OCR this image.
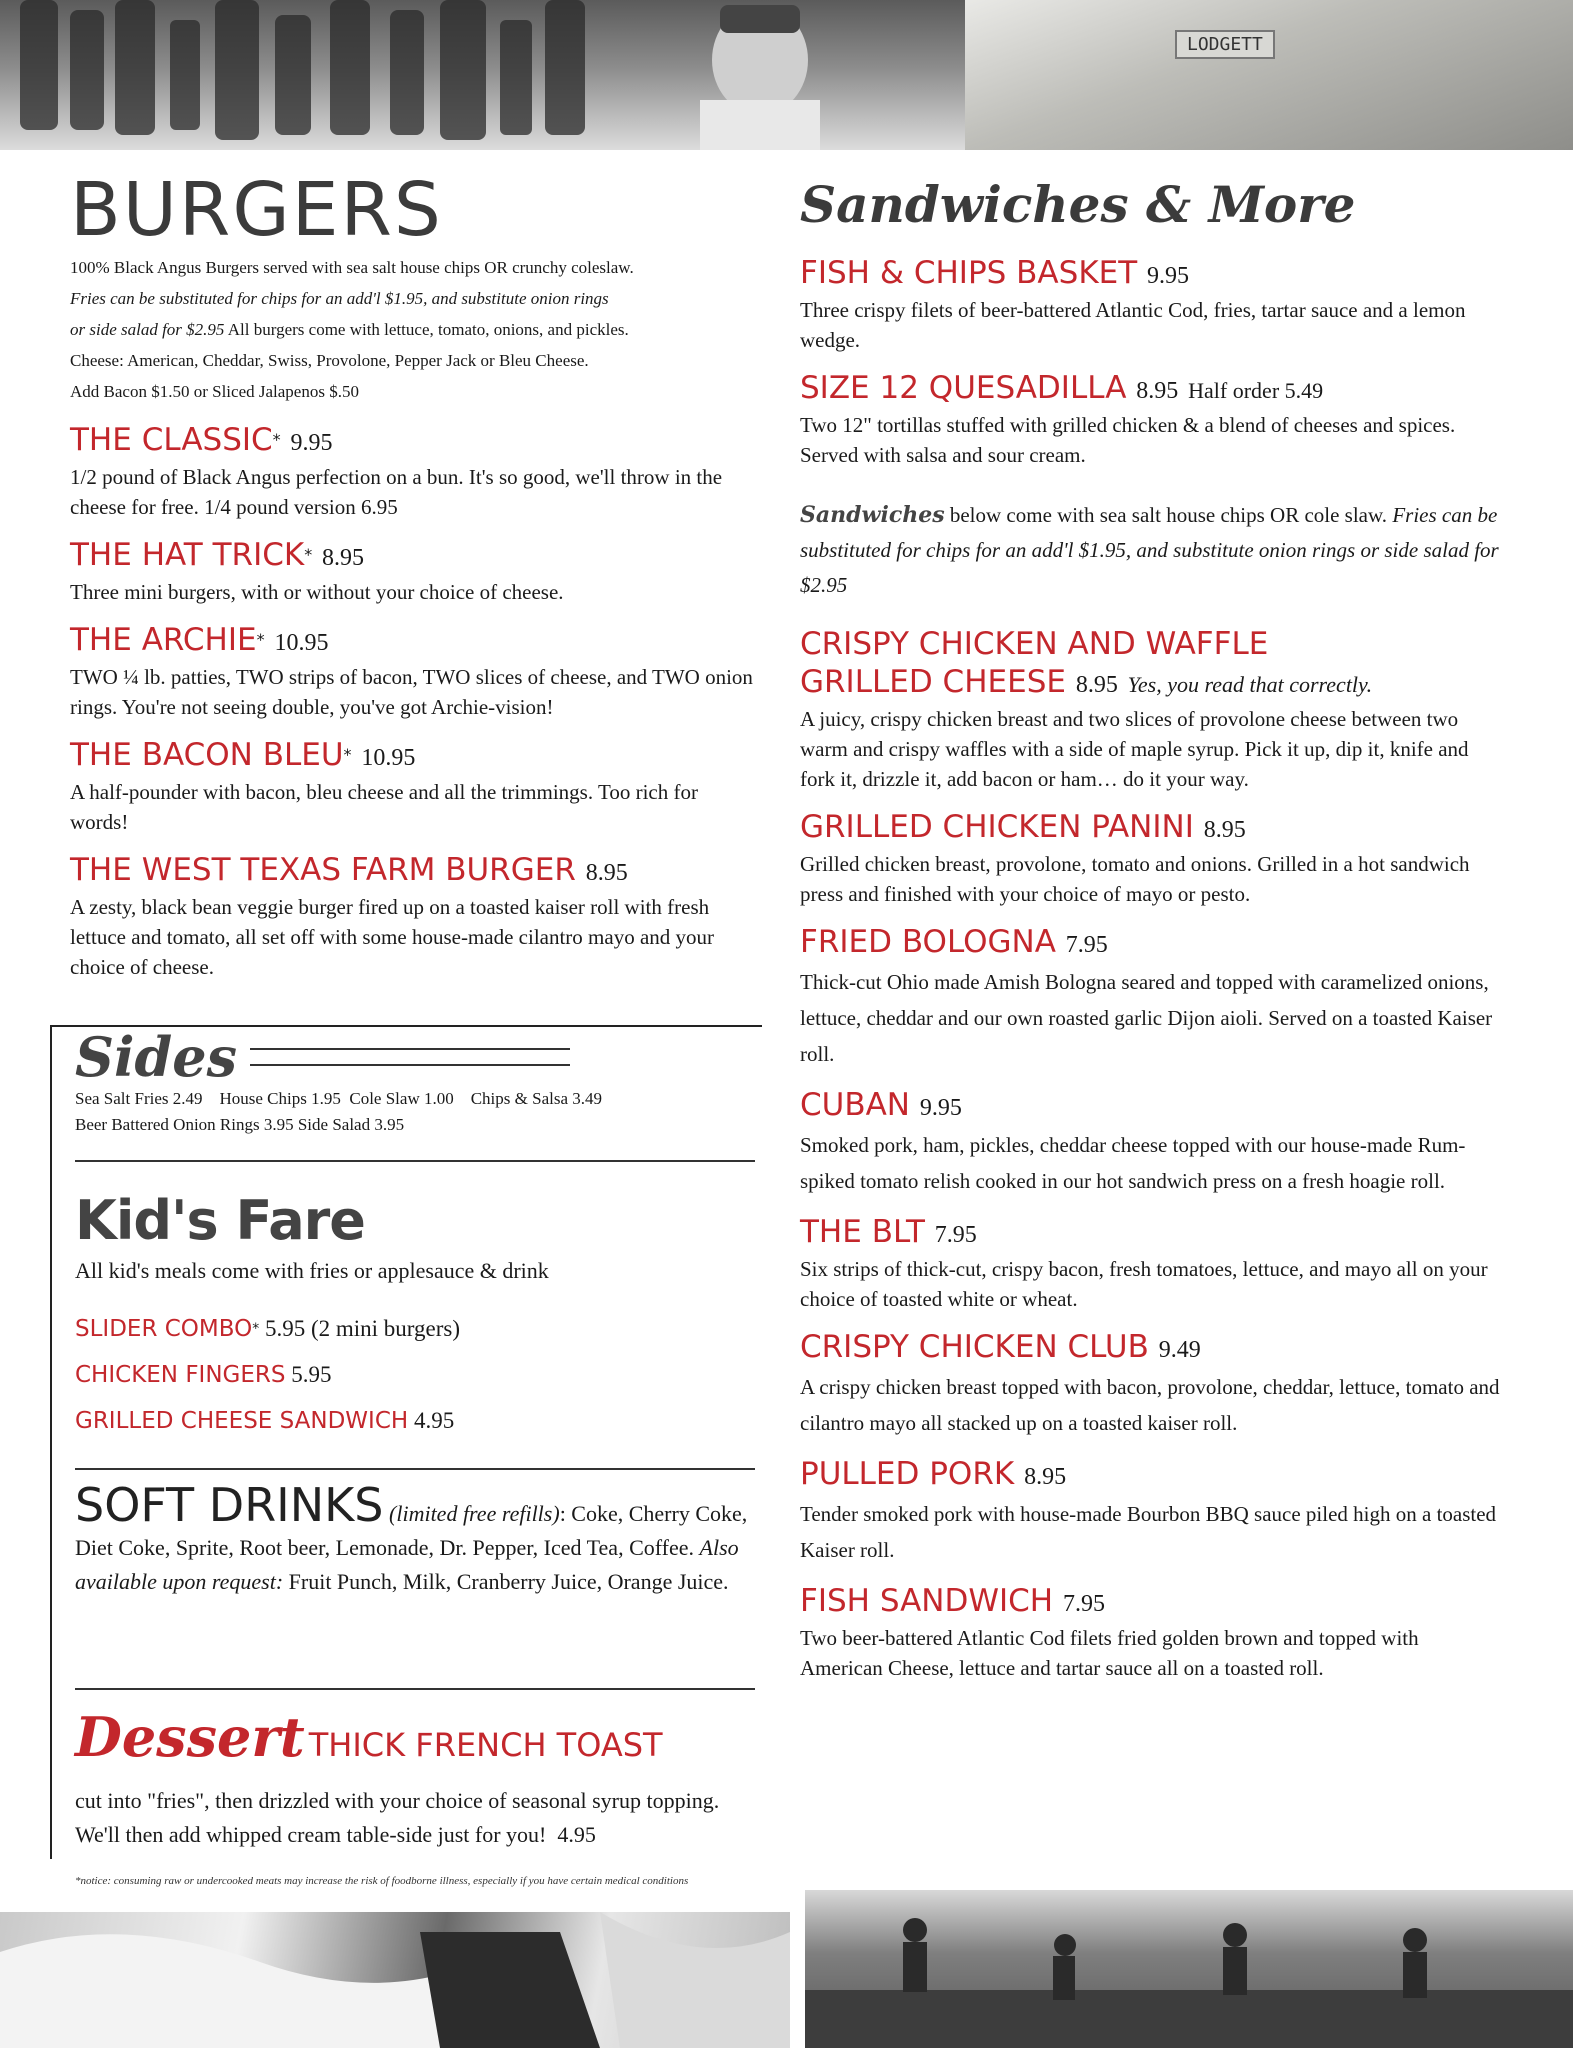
LODGETT
BURGERS

100% Black Angus Burgers served with sea salt house chips OR crunchy coleslaw.

Fries can be substituted for chips for an add'l $1.95, and substitute onion rings

or side salad for $2.95 All burgers come with lettuce, tomato, onions, and pickles.

Cheese: American, Cheddar, Swiss, Provolone, Pepper Jack or Bleu Cheese.

Add Bacon $1.50 or Sliced Jalapenos $.50

THE CLASSIC* 9.95

1/2 pound of Black Angus perfection on a bun. It's so good, we'll throw in the cheese for free. 1/4 pound version 6.95

THE HAT TRICK* 8.95

Three mini burgers, with or without your choice of cheese.

THE ARCHIE* 10.95

TWO ¼ lb. patties, TWO strips of bacon, TWO slices of cheese, and TWO onion rings. You're not seeing double, you've got Archie-vision!

THE BACON BLEU* 10.95

A half-pounder with bacon, bleu cheese and all the trimmings. Too rich for words!

THE WEST TEXAS FARM BURGER 8.95

A zesty, black bean veggie burger fired up on a toasted kaiser roll with fresh lettuce and tomato, all set off with some house-made cilantro mayo and your choice of cheese.

Sides

Sea Salt Fries 2.49    House Chips 1.95  Cole Slaw 1.00    Chips & Salsa 3.49

Beer Battered Onion Rings 3.95 Side Salad 3.95

Kid's Fare

All kid's meals come with fries or applesauce & drink

SLIDER COMBO* 5.95 (2 mini burgers)

CHICKEN FINGERS 5.95

GRILLED CHEESE SANDWICH 4.95

SOFT DRINKS (limited free refills): Coke, Cherry Coke, Diet Coke, Sprite, Root beer, Lemonade, Dr. Pepper, Iced Tea, Coffee. Also available upon request: Fruit Punch, Milk, Cranberry Juice, Orange Juice.

Dessert THICK FRENCH TOAST

cut into "fries", then drizzled with your choice of seasonal syrup topping. We'll then add whipped cream table-side just for you! 4.95

*notice: consuming raw or undercooked meats may increase the risk of foodborne illness, especially if you have certain medical conditions
Sandwiches & More

FISH & CHIPS BASKET 9.95

Three crispy filets of beer-battered Atlantic Cod, fries, tartar sauce and a lemon wedge.

SIZE 12 QUESADILLA 8.95 Half order 5.49

Two 12" tortillas stuffed with grilled chicken & a blend of cheeses and spices. Served with salsa and sour cream.

Sandwiches below come with sea salt house chips OR cole slaw. Fries can be substituted for chips for an add'l $1.95, and substitute onion rings or side salad for $2.95

CRISPY CHICKEN AND WAFFLE

GRILLED CHEESE 8.95 Yes, you read that correctly.

A juicy, crispy chicken breast and two slices of provolone cheese between two warm and crispy waffles with a side of maple syrup. Pick it up, dip it, knife and fork it, drizzle it, add bacon or ham… do it your way.

GRILLED CHICKEN PANINI 8.95

Grilled chicken breast, provolone, tomato and onions. Grilled in a hot sandwich press and finished with your choice of mayo or pesto.

FRIED BOLOGNA 7.95

Thick-cut Ohio made Amish Bologna seared and topped with caramelized onions, lettuce, cheddar and our own roasted garlic Dijon aioli. Served on a toasted Kaiser roll.

CUBAN 9.95

Smoked pork, ham, pickles, cheddar cheese topped with our house-made Rum-spiked tomato relish cooked in our hot sandwich press on a fresh hoagie roll.

THE BLT 7.95

Six strips of thick-cut, crispy bacon, fresh tomatoes, lettuce, and mayo all on your choice of toasted white or wheat.

CRISPY CHICKEN CLUB 9.49

A crispy chicken breast topped with bacon, provolone, cheddar, lettuce, tomato and cilantro mayo all stacked up on a toasted kaiser roll.

PULLED PORK 8.95

Tender smoked pork with house-made Bourbon BBQ sauce piled high on a toasted Kaiser roll.

FISH SANDWICH 7.95

Two beer-battered Atlantic Cod filets fried golden brown and topped with American Cheese, lettuce and tartar sauce all on a toasted roll.
